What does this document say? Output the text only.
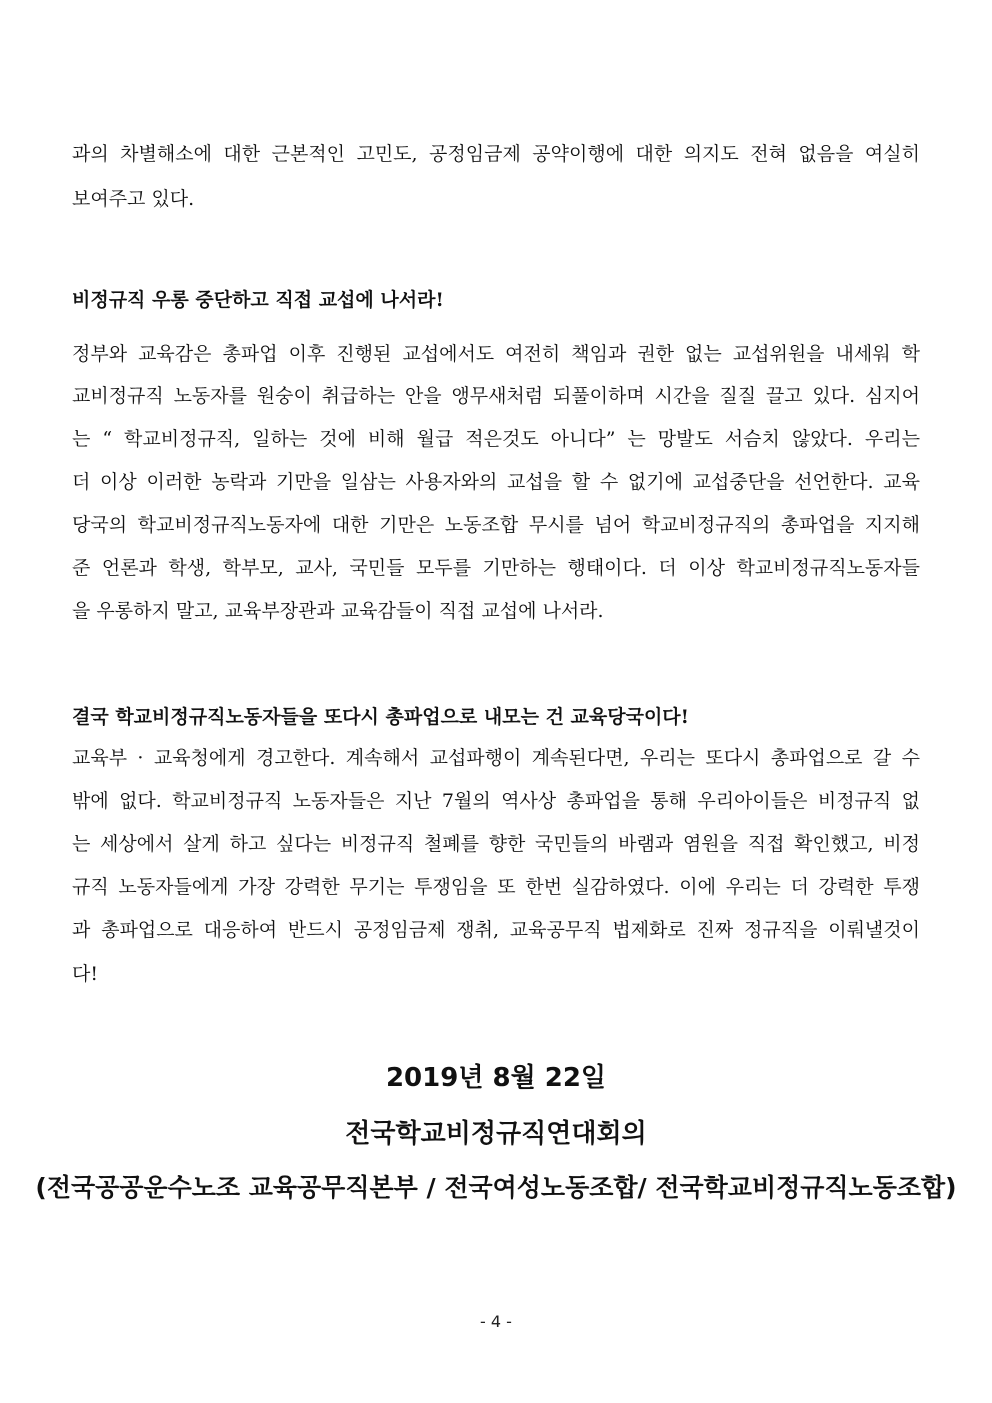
과의 차별해소에 대한 근본적인 고민도, 공정임금제 공약이행에 대한 의지도 전혀 없음을 여실히
보여주고 있다.
비정규직 우롱 중단하고 직접 교섭에 나서라!
정부와 교육감은 총파업 이후 진행된 교섭에서도 여전히 책임과 권한 없는 교섭위원을 내세워 학
교비정규직 노동자를 원숭이 취급하는 안을 앵무새처럼 되풀이하며 시간을 질질 끌고 있다. 심지어
는 “ 학교비정규직, 일하는 것에 비해 월급 적은것도 아니다” 는 망발도 서슴치 않았다. 우리는
더 이상 이러한 농락과 기만을 일삼는 사용자와의 교섭을 할 수 없기에 교섭중단을 선언한다. 교육
당국의 학교비정규직노동자에 대한 기만은 노동조합 무시를 넘어 학교비정규직의 총파업을 지지해
준 언론과 학생, 학부모, 교사, 국민들 모두를 기만하는 행태이다. 더 이상 학교비정규직노동자들
을 우롱하지 말고, 교육부장관과 교육감들이 직접 교섭에 나서라.
결국 학교비정규직노동자들을 또다시 총파업으로 내모는 건 교육당국이다!
교육부 · 교육청에게 경고한다. 계속해서 교섭파행이 계속된다면, 우리는 또다시 총파업으로 갈 수
밖에 없다. 학교비정규직 노동자들은 지난 7월의 역사상 총파업을 통해 우리아이들은 비정규직 없
는 세상에서 살게 하고 싶다는 비정규직 철폐를 향한 국민들의 바램과 염원을 직접 확인했고, 비정
규직 노동자들에게 가장 강력한 무기는 투쟁임을 또 한번 실감하였다. 이에 우리는 더 강력한 투쟁
과 총파업으로 대응하여 반드시 공정임금제 쟁취, 교육공무직 법제화로 진짜 정규직을 이뤄낼것이
다!
2019년 8월 22일
전국학교비정규직연대회의
(전국공공운수노조 교육공무직본부 / 전국여성노동조합/ 전국학교비정규직노동조합)
- 4 -
